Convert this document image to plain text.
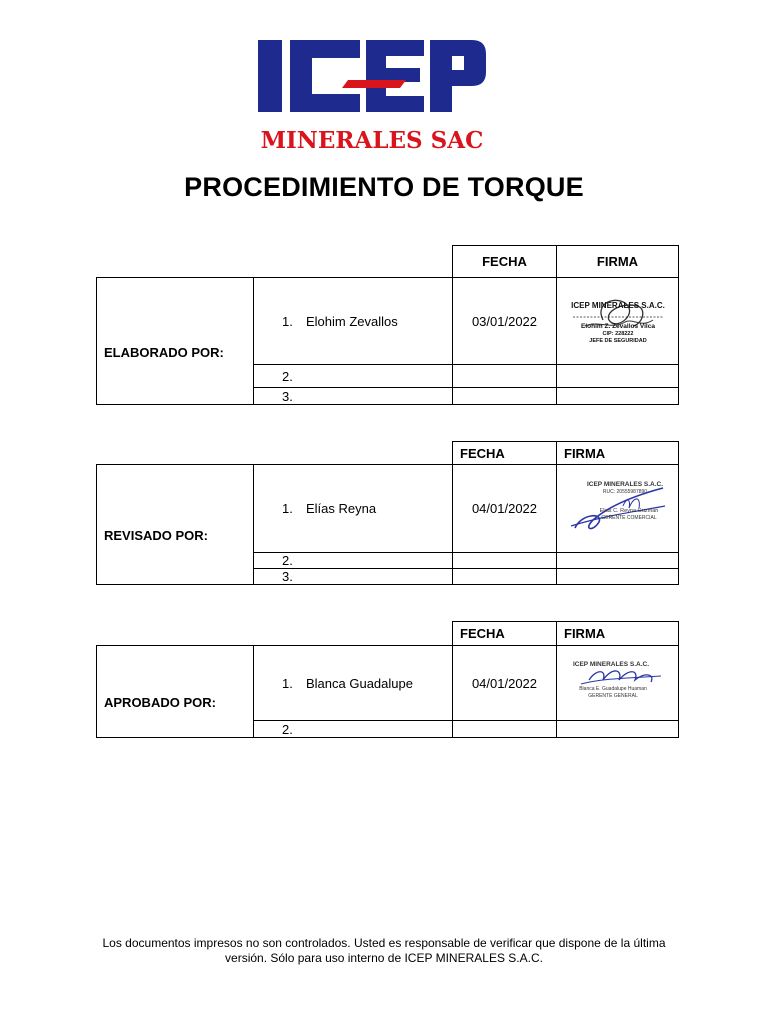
MINERALES SAC
PROCEDIMIENTO DE TORQUE
		FECHA	FIRMA
ELABORADO POR:	1. Elohim Zevallos	03/01/2022	ICEP MINERALES S.A.C.
Elohim Z. Zevallos Vilca
CIP: 228222
JEFE DE SEGURIDAD

	2.		
	3.		
		FECHA	FIRMA
REVISADO POR:	1. Elías Reyna	04/01/2022	ICEP MINERALES S.A.C.
RUC: 20555987890
Elias C. Reyna Guzman
GERENTE COMERCIAL

	2.		
	3.		
		FECHA	FIRMA
APROBADO POR:	1. Blanca Guadalupe	04/01/2022	ICEP MINERALES S.A.C.
Blanca E. Guadalupe Huaman
GERENTE GENERAL

	2.		
Los documentos impresos no son controlados. Usted es responsable de verificar que dispone de la última
versión. Sólo para uso interno de ICEP MINERALES S.A.C.
